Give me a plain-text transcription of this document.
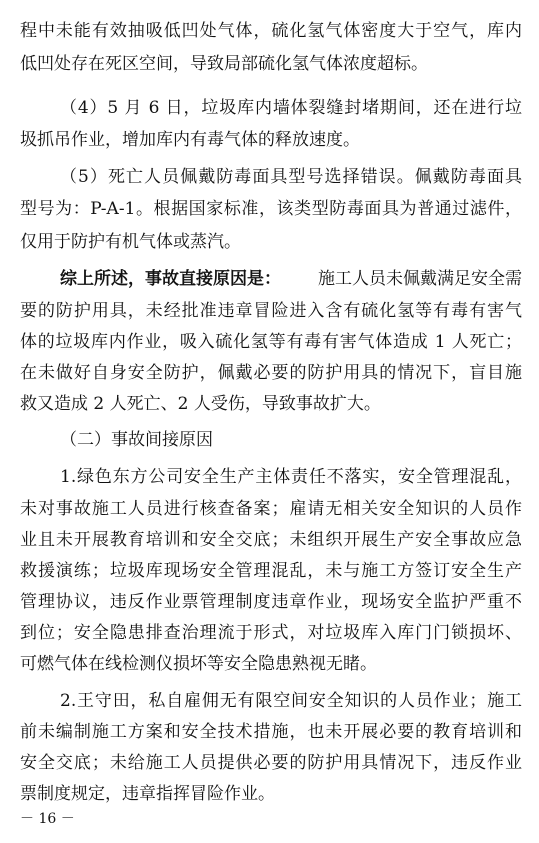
程中未能有效抽吸低凹处气体，硫化氢气体密度大于空气，库内
低凹处存在死区空间，导致局部硫化氢气体浓度超标。
（4）5 月 6 日，垃圾库内墙体裂缝封堵期间，还在进行垃
圾抓吊作业，增加库内有毒气体的释放速度。
（5）死亡人员佩戴防毒面具型号选择错误。佩戴防毒面具
型号为：P-A-1。根据国家标准，该类型防毒面具为普通过滤件，
仅用于防护有机气体或蒸汽。
综上所述，事故直接原因是： 施工人员未佩戴满足安全需
要的防护用具，未经批准违章冒险进入含有硫化氢等有毒有害气
体的垃圾库内作业，吸入硫化氢等有毒有害气体造成 1 人死亡；
在未做好自身安全防护，佩戴必要的防护用具的情况下，盲目施
救又造成 2 人死亡、2 人受伤，导致事故扩大。
（二）事故间接原因
1.绿色东方公司安全生产主体责任不落实，安全管理混乱，
未对事故施工人员进行核查备案；雇请无相关安全知识的人员作
业且未开展教育培训和安全交底；未组织开展生产安全事故应急
救援演练；垃圾库现场安全管理混乱，未与施工方签订安全生产
管理协议，违反作业票管理制度违章作业，现场安全监护严重不
到位；安全隐患排查治理流于形式，对垃圾库入库门门锁损坏、
可燃气体在线检测仪损坏等安全隐患熟视无睹。
2.王守田，私自雇佣无有限空间安全知识的人员作业；施工
前未编制施工方案和安全技术措施，也未开展必要的教育培训和
安全交底；未给施工人员提供必要的防护用具情况下，违反作业
票制度规定，违章指挥冒险作业。
－ 16 －
